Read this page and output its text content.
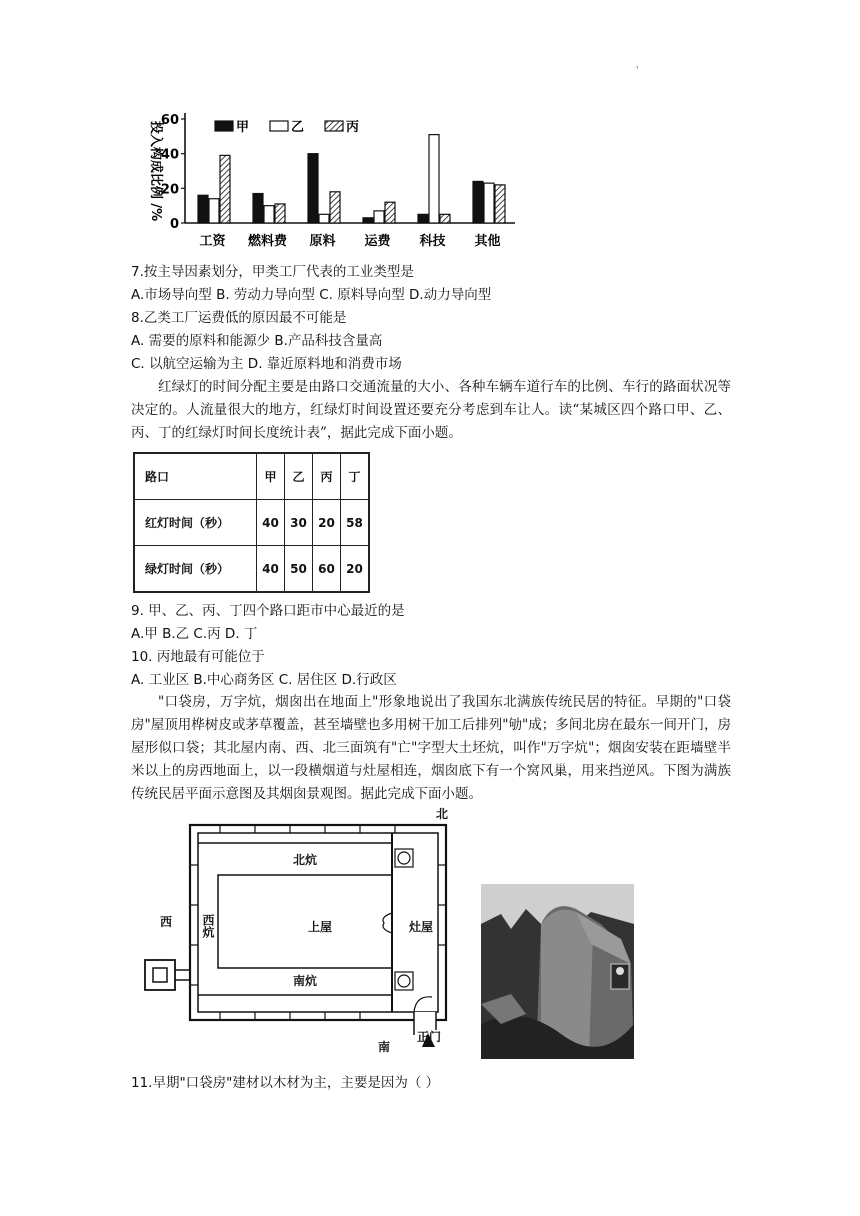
'
0
20
40
60
投入构成比例 /%
工资 燃料费 原料 运费 科技 其他
甲	乙	丙
7.按主导因素划分，甲类工厂代表的工业类型是
A.市场导向型 B. 劳动力导向型 C. 原料导向型 D.动力导向型
8.乙类工厂运费低的原因最不可能是
A. 需要的原料和能源少 B.产品科技含量高
C. 以航空运输为主 D. 靠近原料地和消费市场
红绿灯的时间分配主要是由路口交通流量的大小、各种车辆车道行车的比例、车行的路面状况等决定的。人流量很大的地方，红绿灯时间设置还要充分考虑到车让人。读“某城区四个路口甲、乙、丙、丁的红绿灯时间长度统计表”，据此完成下面小题。
路口	甲	乙	丙	丁
红灯时间（秒）	40	30	20	58
绿灯时间（秒）	40	50	60	20
9. 甲、乙、丙、丁四个路口距市中心最近的是
A.甲 B.乙 C.丙 D. 丁
10. 丙地最有可能位于
A. 工业区 B.中心商务区 C. 居住区 D.行政区
"口袋房，万字炕，烟囱出在地面上"形象地说出了我国东北满族传统民居的特征。早期的"口袋房"屋顶用桦树皮或茅草覆盖，甚至墙壁也多用树干加工后排列"劬"成；多间北房在最东一间开门，房屋形似口袋；其北屋内南、西、北三面筑有"亡"字型大土坯炕，叫作"万字炕"；烟囱安装在距墙壁半米以上的房西地面上，以一段横烟道与灶屋相连，烟囱底下有一个窝风巢，用来挡逆风。下图为满族传统民居平面示意图及其烟囱景观图。据此完成下面小题。
北
北炕
西炕	上屋	灶屋
西
南炕
正门
南
11.早期"口袋房"建材以木材为主，主要是因为（ ）
